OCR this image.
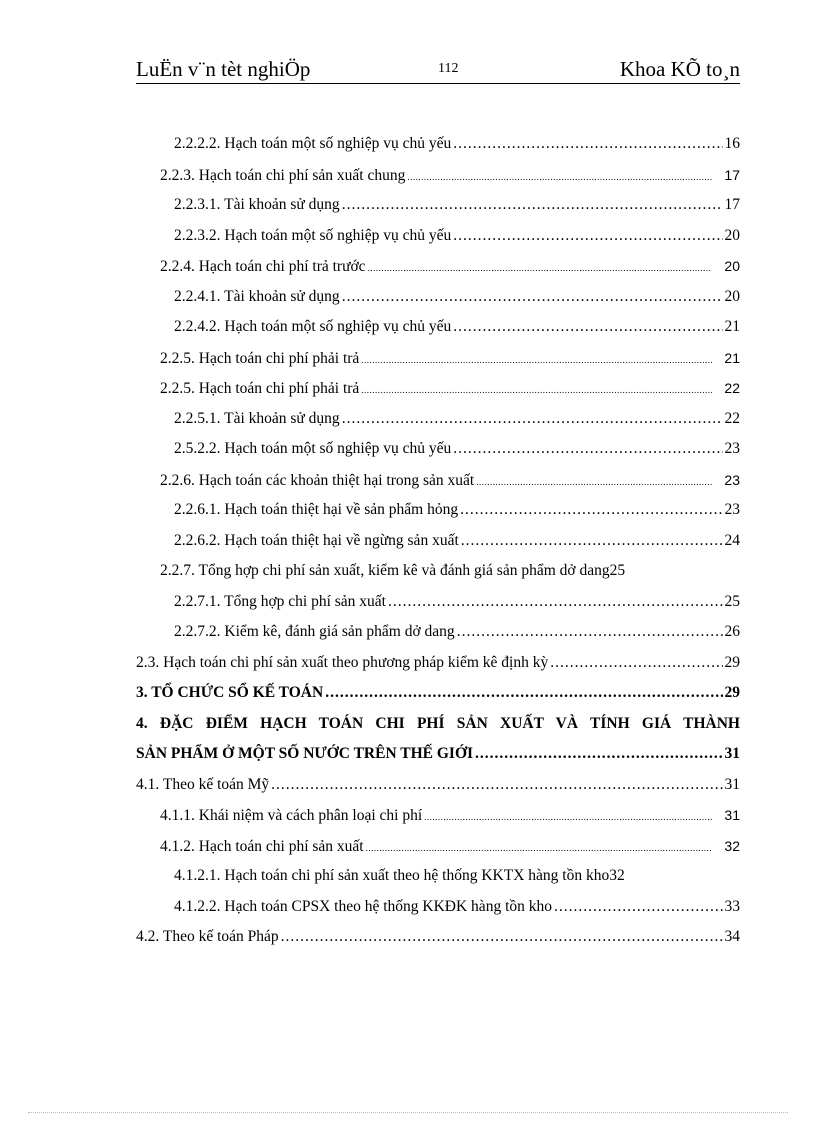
LuËn v¨n tèt nghiÖp	112	Khoa KÕ to¸n
2.2.2.2. Hạch toán một số nghiệp vụ chủ yếu .....	16
2.2.3. Hạch toán chi phí sản xuất chung .....	17
2.2.3.1. Tài khoản sử dụng .....	17
2.2.3.2. Hạch toán một số nghiệp vụ chủ yếu .....	20
2.2.4. Hạch toán chi phí trả trước .....	20
2.2.4.1. Tài khoản sử dụng .....	20
2.2.4.2. Hạch toán một số nghiệp vụ chủ yếu .....	21
2.2.5. Hạch toán chi phí phải trả .....	21
2.2.5. Hạch toán chi phí phải trả .....	22
2.2.5.1. Tài khoản sử dụng .....	22
2.5.2.2. Hạch toán một số nghiệp vụ chủ yếu .....	23
2.2.6. Hạch toán các khoản thiệt hại trong sản xuất .....	23
2.2.6.1. Hạch toán thiệt hại về sản phẩm hỏng .....	23
2.2.6.2. Hạch toán thiệt hại về ngừng sản xuất .....	24
2.2.7. Tổng hợp chi phí sản xuất, kiểm kê và đánh giá sản phẩm dở dang 25
2.2.7.1. Tổng hợp chi phí sản xuất .....	25
2.2.7.2. Kiểm kê, đánh giá sản phẩm dở dang .....	26
2.3. Hạch toán chi phí sản xuất theo phương pháp kiểm kê định kỳ .....	29
3. TỔ CHỨC SỔ KẾ TOÁN .....	29
4. ĐẶC ĐIỂM HẠCH TOÁN CHI PHÍ SẢN XUẤT VÀ TÍNH GIÁ THÀNH
SẢN PHẨM Ở MỘT SỐ NƯỚC TRÊN THẾ GIỚI .....	31
4.1. Theo kế toán Mỹ .....	31
4.1.1. Khái niệm và cách phân loại chi phí .....	31
4.1.2. Hạch toán chi phí sản xuất .....	32
4.1.2.1. Hạch toán chi phí sản xuất theo hệ thống KKTX hàng tồn kho 32
4.1.2.2. Hạch toán CPSX theo hệ thống KKĐK hàng tồn kho .....	33
4.2. Theo kế toán Pháp .....	34
